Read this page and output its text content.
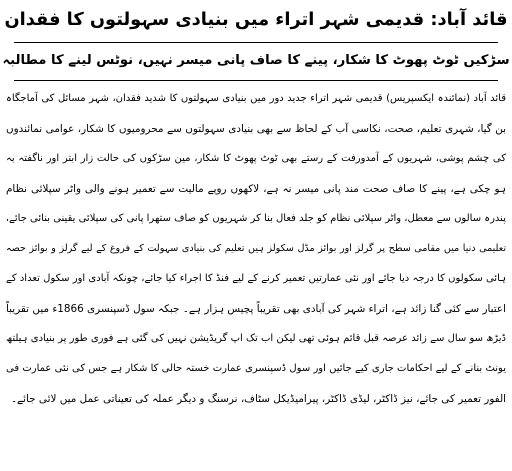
قائد آباد: قدیمی شہر اتراء میں بنیادی سہولتوں کا فقدان
سڑکیں ٹوٹ پھوٹ کا شکار، پینے کا صاف پانی میسر نہیں، نوٹس لینے کا مطالبہ
قائد آباد (نمائندہ ایکسپریس) قدیمی شہر اتراء جدید دور میں بنیادی سہولتوں کا شدید فقدان، شہر مسائل کی آماجگاہ
بن گیا، شہری تعلیم، صحت، نکاسی آب کے لحاظ سے بھی بنیادی سہولتوں سے محرومیوں کا شکار، عوامی نمائندوں
کی چشم پوشی، شہریوں کے آمدورفت کے رستے بھی ٹوٹ پھوٹ کا شکار، مین سڑکوں کی حالت زار ابتر اور ناگفتہ بہ
ہو چکی ہے، پینے کا صاف صحت مند پانی میسر نہ ہے، لاکھوں روپے مالیت سے تعمیر ہونے والی واٹر سپلائی نظام
پندرہ سالوں سے معطل، واٹر سپلائی نظام کو جلد فعال بنا کر شہریوں کو صاف ستھرا پانی کی سپلائی یقینی بنائی جائے،
تعلیمی دنیا میں مقامی سطح پر گرلز اور بوائز مڈل سکولز ہیں تعلیم کی بنیادی سہولت کے فروغ کے لیے گرلز و بوائز حصہ
ہائی سکولوں کا درجہ دیا جائے اور نئی عمارتیں تعمیر کرنے کے لیے فنڈ کا اجراء کیا جائے، چونکہ آبادی اور سکول تعداد کے
اعتبار سے کئی گنا زائد ہے، اتراء شہر کی آبادی بھی تقریباً پچیس ہزار ہے۔ جبکہ سول ڈسپنسری 1866ء میں تقریباً
ڈیڑھ سو سال سے زائد عرصہ قبل قائم ہوئی تھی لیکن اب تک اپ گریڈیشن نہیں کی گئی ہے فوری طور پر بنیادی ہیلتھ
یونٹ بنانے کے لیے احکامات جاری کیے جائیں اور سول ڈسپنسری عمارت خستہ حالی کا شکار ہے جس کی نئی عمارت فی
الفور تعمیر کی جائے، نیز ڈاکٹر، لیڈی ڈاکٹر، پیرامیڈیکل سٹاف، نرسنگ و دیگر عملہ کی تعیناتی عمل میں لائی جائے۔
